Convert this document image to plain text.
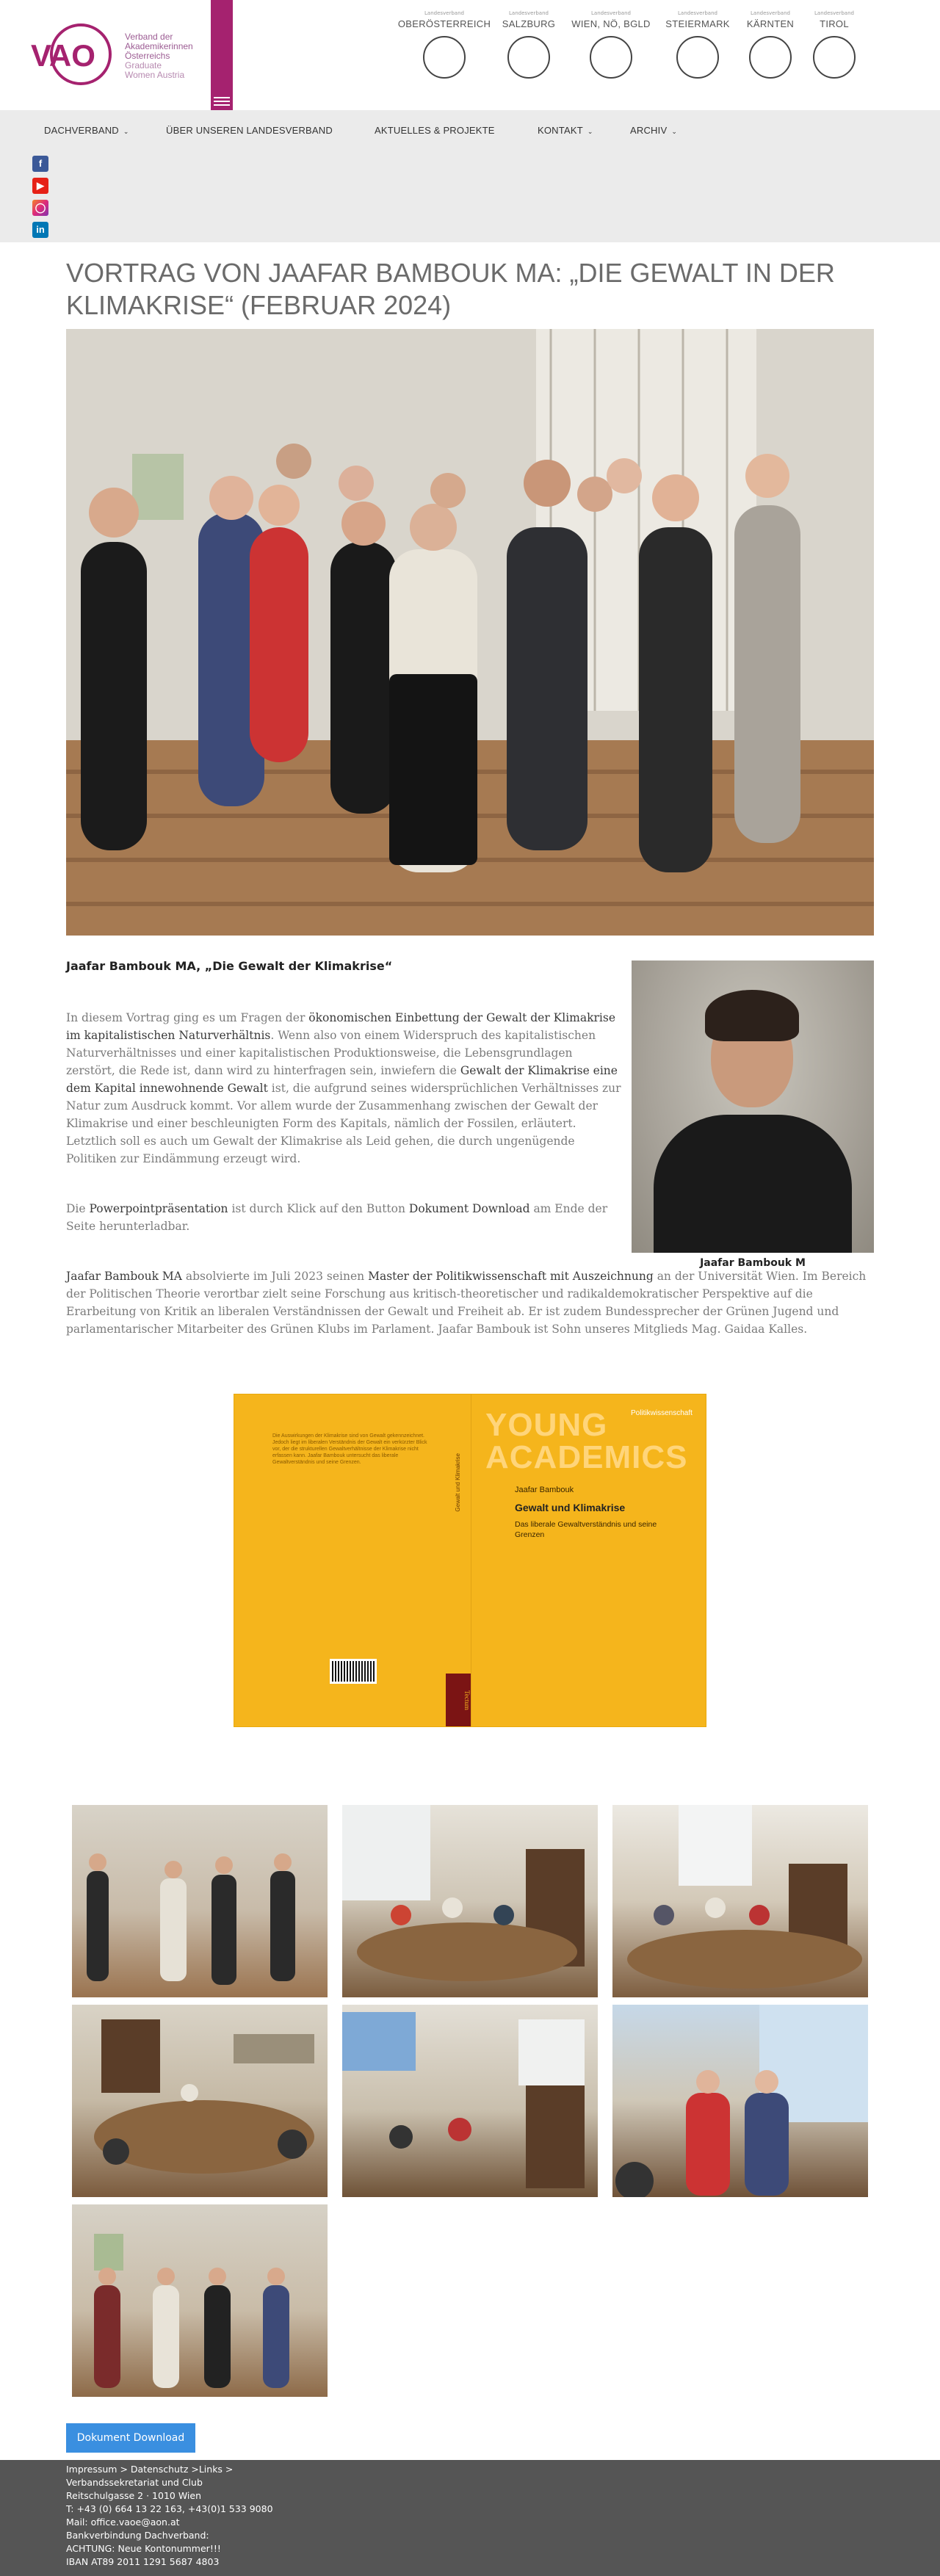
VAO
Verband der
Akademikerinnen
Österreichs
Graduate
Women Austria
Landesverband
OBERÖSTERREICH
Landesverband
SALZBURG
Landesverband
WIEN, NÖ, BGLD
Landesverband
STEIERMARK
Landesverband
KÄRNTEN
Landesverband
TIROL
DACHVERBAND ⌄	ÜBER UNSEREN LANDESVERBAND	AKTUELLES & PROJEKTE	KONTAKT ⌄	ARCHIV ⌄
f
▶
◯
in
VORTRAG VON JAAFAR BAMBOUK MA: „DIE GEWALT IN DER KLIMAKRISE“ (FEBRUAR 2024)
Jaafar Bambouk MA, „Die Gewalt der Klimakrise“
In diesem Vortrag ging es um Fragen der ökonomischen Einbettung der Gewalt der Klimakrise im kapitalistischen Naturverhältnis. Wenn also von einem Widerspruch des kapitalistischen Naturverhältnisses und einer kapitalistischen Produktionsweise, die Lebensgrundlagen zerstört, die Rede ist, dann wird zu hinterfragen sein, inwiefern die Gewalt der Klimakrise eine dem Kapital innewohnende Gewalt ist, die aufgrund seines widersprüchlichen Verhältnisses zur Natur zum Ausdruck kommt. Vor allem wurde der Zusammenhang zwischen der Gewalt der Klimakrise und einer beschleunigten Form des Kapitals, nämlich der Fossilen, erläutert. Letztlich soll es auch um Gewalt der Klimakrise als Leid gehen, die durch ungenügende Politiken zur Eindämmung erzeugt wird.
Die Powerpointpräsentation ist durch Klick auf den Button Dokument Download am Ende der Seite herunterladbar.
Jaafar Bambouk MA absolvierte im Juli 2023 seinen Master der Politikwissenschaft mit Auszeichnung an der Universität Wien. Im Bereich der Politischen Theorie verortbar zielt seine Forschung aus kritisch-theoretischer und radikaldemokratischer Perspektive auf die Erarbeitung von Kritik an liberalen Verständnissen der Gewalt und Freiheit ab. Er ist zudem Bundessprecher der Grünen Jugend und parlamentarischer Mitarbeiter des Grünen Klubs im Parlament. Jaafar Bambouk ist Sohn unseres Mitglieds Mag. Gaidaa Kalles.
Jaafar Bambouk M
Die Auswirkungen der Klimakrise sind von Gewalt gekennzeichnet. Jedoch liegt im liberalen Verständnis der Gewalt ein verkürzter Blick vor, der die strukturellen Gewaltverhältnisse der Klimakrise nicht erfassen kann. Jaafar Bambouk untersucht das liberale Gewaltverständnis und seine Grenzen.	Gewalt und Klimakrise
Tectum
YOUNG ACADEMICS
Politikwissenschaft
Jaafar Bambouk
Gewalt und Klimakrise
Das liberale Gewaltverständnis und seine Grenzen
Dokument Download
Impressum > Datenschutz >Links >
Verbandssekretariat und Club
Reitschulgasse 2 · 1010 Wien
T: +43 (0) 664 13 22 163, +43(0)1 533 9080
Mail: office.vaoe@aon.at
Bankverbindung Dachverband:
ACHTUNG: Neue Kontonummer!!!
IBAN AT89 2011 1291 5687 4803
